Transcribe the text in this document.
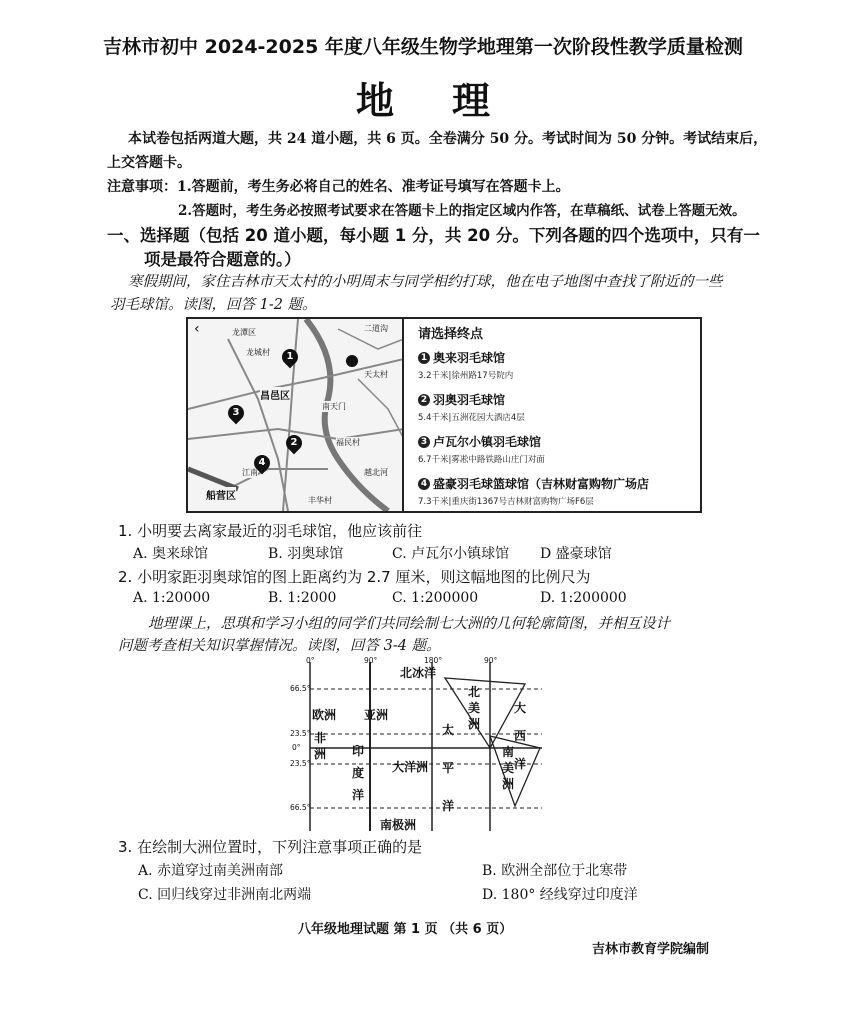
吉林市初中 2024-2025 年度八年级生物学地理第一次阶段性教学质量检测
地理
本试卷包括两道大题，共 24 道小题，共 6 页。全卷满分 50 分。考试时间为 50 分钟。考试结束后，
上交答题卡。
注意事项：1.答题前，考生务必将自己的姓名、准考证号填写在答题卡上。
2.答题时，考生务必按照考试要求在答题卡上的指定区域内作答，在草稿纸、试卷上答题无效。
一、选择题（包括 20 道小题，每小题 1 分，共 20 分。下列各题的四个选项中，只有一
项是最符合题意的。）
寒假期间，家住吉林市天太村的小明周末与同学相约打球，他在电子地图中查找了附近的一些
羽毛球馆。读图，回答 1-2 题。
‹	龙潭区	二道沟
龙城村
天太村
昌邑区
南天门
福民村
越北河
江南
船营区	丰华村
1
2
3
4
请选择终点
1 奥来羽毛球馆
3.2千米|徐州路17号院内
2 羽奥羽毛球馆
5.4千米|五洲花园大酒店4层
3 卢瓦尔小镇羽毛球馆
6.7千米|雾凇中路铁路山庄门对面
4 盛豪羽毛球篮球馆（吉林财富购物广场店
7.3千米|重庆街1367号吉林财富购物广场F6层
1. 小明要去离家最近的羽毛球馆，他应该前往
A. 奥来球馆	B. 羽奥球馆	C. 卢瓦尔小镇球馆 D 盛豪球馆
2. 小明家距羽奥球馆的图上距离约为 2.7 厘米，则这幅地图的比例尺为
A. 1:20000	B. 1:2000	C. 1:200000	D. 1:200000
地理课上，思琪和学习小组的同学们共同绘制七大洲的几何轮廓简图，并相互设计
问题考查相关知识掌握情况。读图，回答 3-4 题。
0°	90°	180°	90°
66.5°
23.5°
0°
23.5°
66.5°
北冰洋
欧洲 亚洲
北美洲
太平洋
大西洋
非洲 印度洋
大洋洲
南美洲
南极洲
3. 在绘制大洲位置时，下列注意事项正确的是
A. 赤道穿过南美洲南部	B. 欧洲全部位于北寒带
C. 回归线穿过非洲南北两端	D. 180° 经线穿过印度洋
八年级地理试题 第 1 页 （共 6 页）
吉林市教育学院编制
